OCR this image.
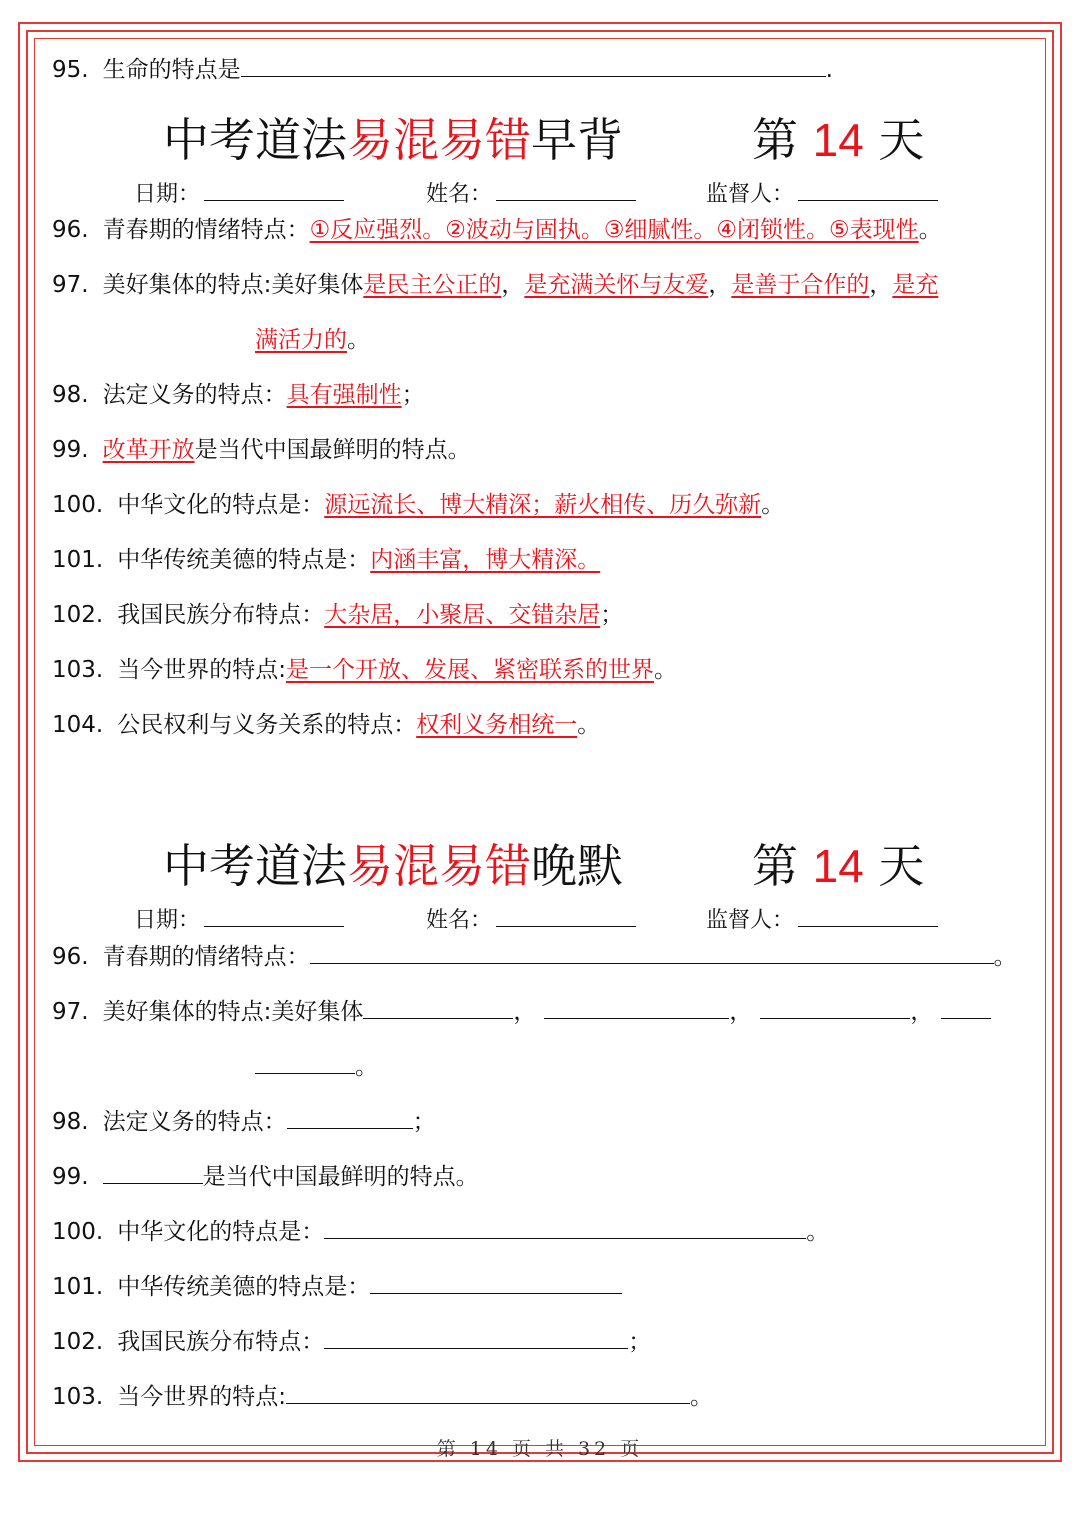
95. 生命的特点是	.
中考道法易混易错早背	第 14 天
日期：	姓名：	监督人：
96. 青春期的情绪特点：①反应强烈。②波动与固执。③细腻性。④闭锁性。⑤表现性。
97. 美好集体的特点:美好集体是民主公正的，是充满关怀与友爱，是善于合作的，是充
满活力的。
98. 法定义务的特点：具有强制性；
99. 改革开放是当代中国最鲜明的特点。
100. 中华文化的特点是：源远流长、博大精深；薪火相传、历久弥新。
101. 中华传统美德的特点是：内涵丰富，博大精深。
102. 我国民族分布特点：大杂居，小聚居、交错杂居；
103. 当今世界的特点:是一个开放、发展、紧密联系的世界。
104. 公民权利与义务关系的特点：权利义务相统一。
中考道法易混易错晚默	第 14 天
日期：	姓名：	监督人：
96. 青春期的情绪特点：	。
97. 美好集体的特点:美好集体	，	，	，
。
98. 法定义务的特点：	；
99.	是当代中国最鲜明的特点。
100. 中华文化的特点是：	。
101. 中华传统美德的特点是：
102. 我国民族分布特点：	；
103. 当今世界的特点:	。
第 14 页 共 32 页
